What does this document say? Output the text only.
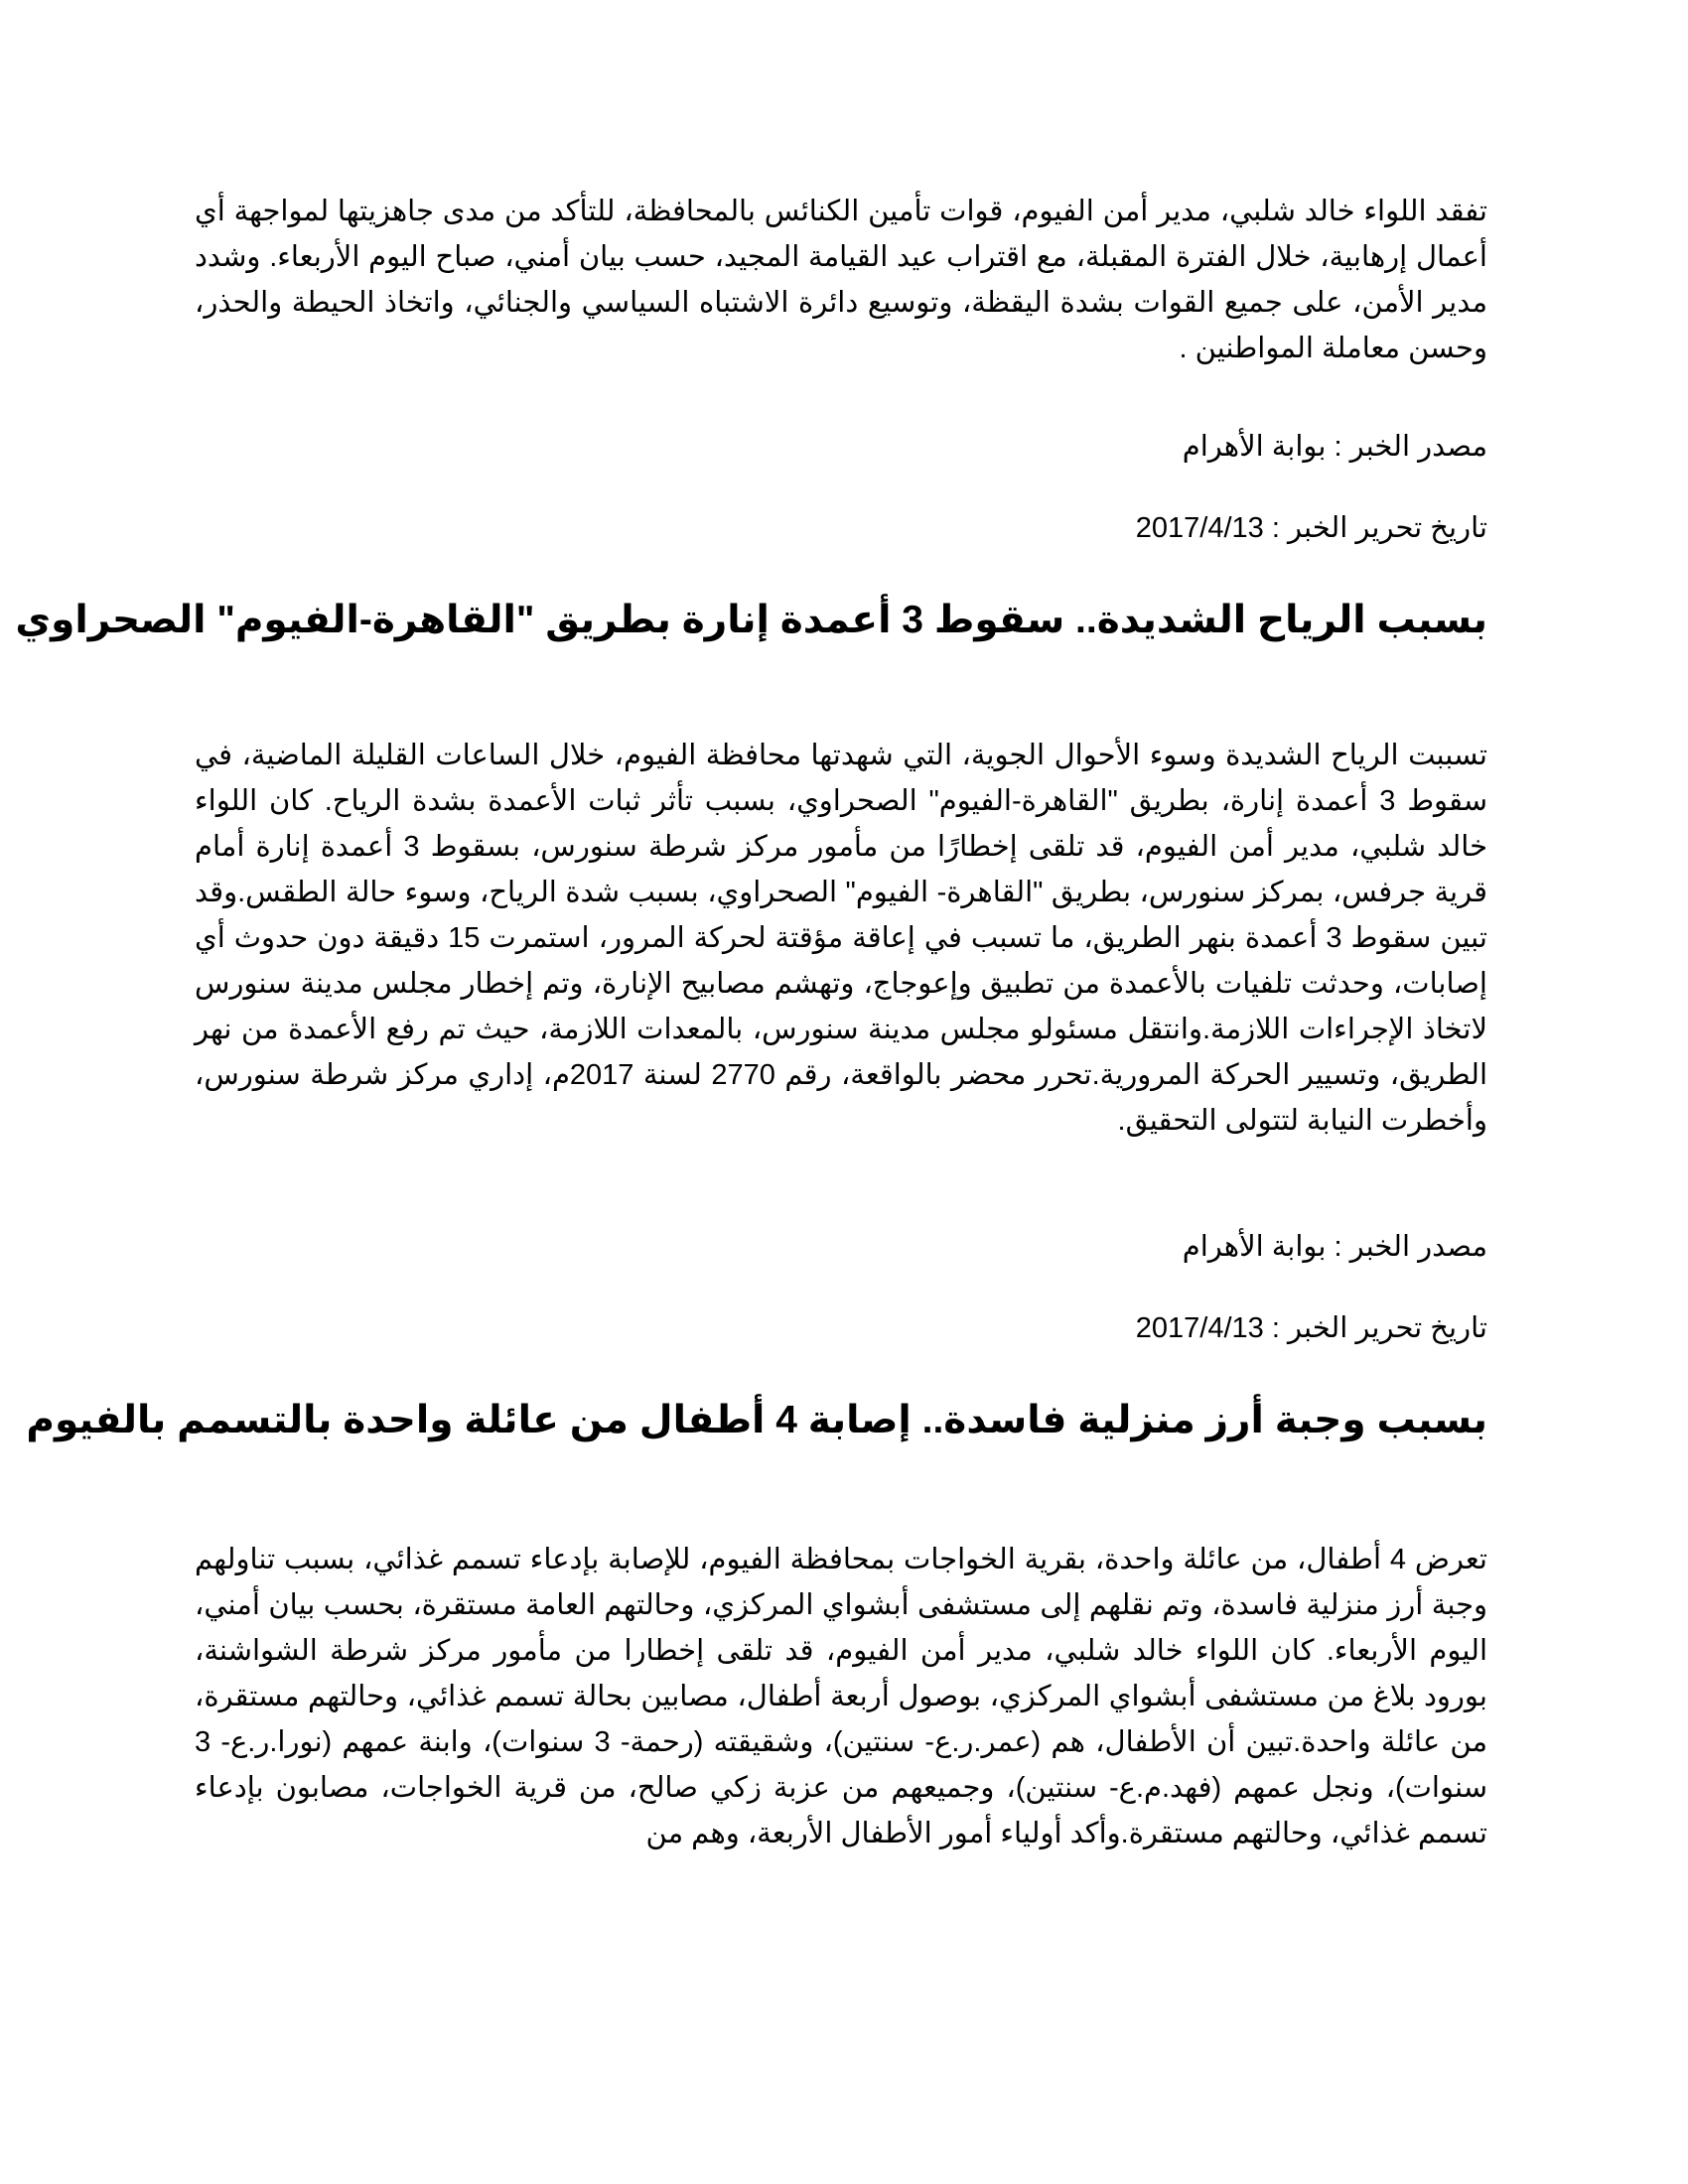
تفقد اللواء خالد شلبي، مدير أمن الفيوم، قوات تأمين الكنائس بالمحافظة، للتأكد من مدى جاهزيتها لمواجهة أي أعمال إرهابية، خلال الفترة المقبلة، مع اقتراب عيد القيامة المجيد، حسب بيان أمني، صباح اليوم الأربعاء. وشدد مدير الأمن، على جميع القوات بشدة اليقظة، وتوسيع دائرة الاشتباه السياسي والجنائي، واتخاذ الحيطة والحذر، وحسن معاملة المواطنين .

مصدر الخبر : بوابة الأهرام

تاريخ تحرير الخبر : 2017/4/13

بسبب الرياح الشديدة.. سقوط 3 أعمدة إنارة بطريق "القاهرة-الفيوم" الصحراوي

تسببت الرياح الشديدة وسوء الأحوال الجوية، التي شهدتها محافظة الفيوم، خلال الساعات القليلة الماضية، في سقوط 3 أعمدة إنارة، بطريق "القاهرة-الفيوم" الصحراوي، بسبب تأثر ثبات الأعمدة بشدة الرياح. كان اللواء خالد شلبي، مدير أمن الفيوم، قد تلقى إخطارًا من مأمور مركز شرطة سنورس، بسقوط 3 أعمدة إنارة أمام قرية جرفس، بمركز سنورس، بطريق "القاهرة- الفيوم" الصحراوي، بسبب شدة الرياح، وسوء حالة الطقس.وقد تبين سقوط 3 أعمدة بنهر الطريق، ما تسبب في إعاقة مؤقتة لحركة المرور، استمرت 15 دقيقة دون حدوث أي إصابات، وحدثت تلفيات بالأعمدة من تطبيق وإعوجاج، وتهشم مصابيح الإنارة، وتم إخطار مجلس مدينة سنورس لاتخاذ الإجراءات اللازمة.وانتقل مسئولو مجلس مدينة سنورس، بالمعدات اللازمة، حيث تم رفع الأعمدة من نهر الطريق، وتسيير الحركة المرورية.تحرر محضر بالواقعة، رقم 2770 لسنة 2017م، إداري مركز شرطة سنورس، وأخطرت النيابة لتتولى التحقيق.

مصدر الخبر : بوابة الأهرام

تاريخ تحرير الخبر : 2017/4/13

بسبب وجبة أرز منزلية فاسدة.. إصابة 4 أطفال من عائلة واحدة بالتسمم بالفيوم

تعرض 4 أطفال، من عائلة واحدة، بقرية الخواجات بمحافظة الفيوم، للإصابة بإدعاء تسمم غذائي، بسبب تناولهم وجبة أرز منزلية فاسدة، وتم نقلهم إلى مستشفى أبشواي المركزي، وحالتهم العامة مستقرة، بحسب بيان أمني، اليوم الأربعاء. كان اللواء خالد شلبي، مدير أمن الفيوم، قد تلقى إخطارا من مأمور مركز شرطة الشواشنة، بورود بلاغ من مستشفى أبشواي المركزي، بوصول أربعة أطفال، مصابين بحالة تسمم غذائي، وحالتهم مستقرة، من عائلة واحدة.تبين أن الأطفال، هم (عمر.ر.ع- سنتين)، وشقيقته (رحمة- 3 سنوات)، وابنة عمهم (نورا.ر.ع- 3 سنوات)، ونجل عمهم (فهد.م.ع- سنتين)، وجميعهم من عزبة زكي صالح، من قرية الخواجات، مصابون بإدعاء تسمم غذائي، وحالتهم مستقرة.وأكد أولياء أمور الأطفال الأربعة، وهم من
